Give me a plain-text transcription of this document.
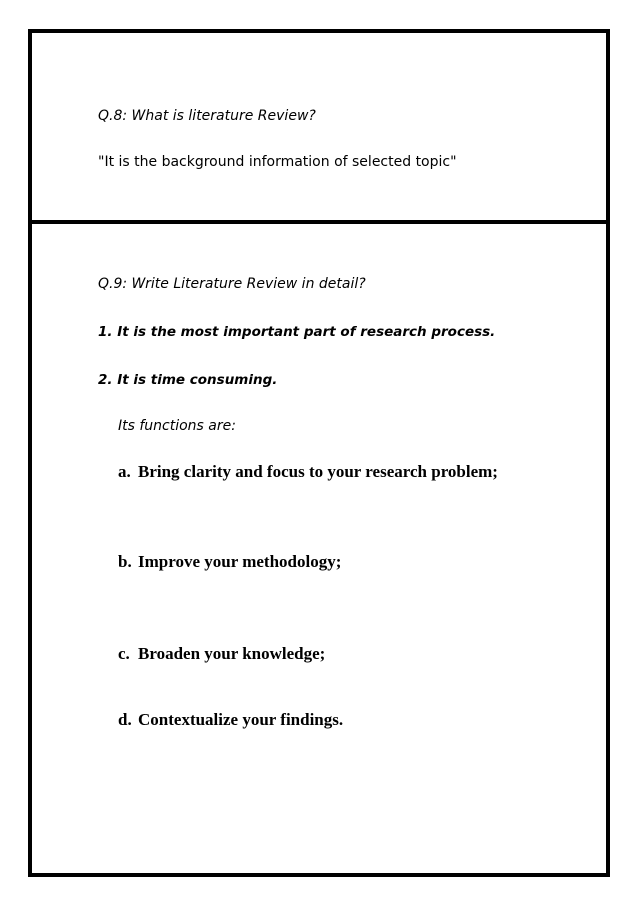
Q.8: What is literature Review?

"It is the background information of selected topic"

Q.9: Write Literature Review in detail?

1. It is the most important part of research process.

2. It is time consuming.

Its functions are:

a. Bring clarity and focus to your research problem;
b. Improve your methodology;
c. Broaden your knowledge;
d. Contextualize your findings.
